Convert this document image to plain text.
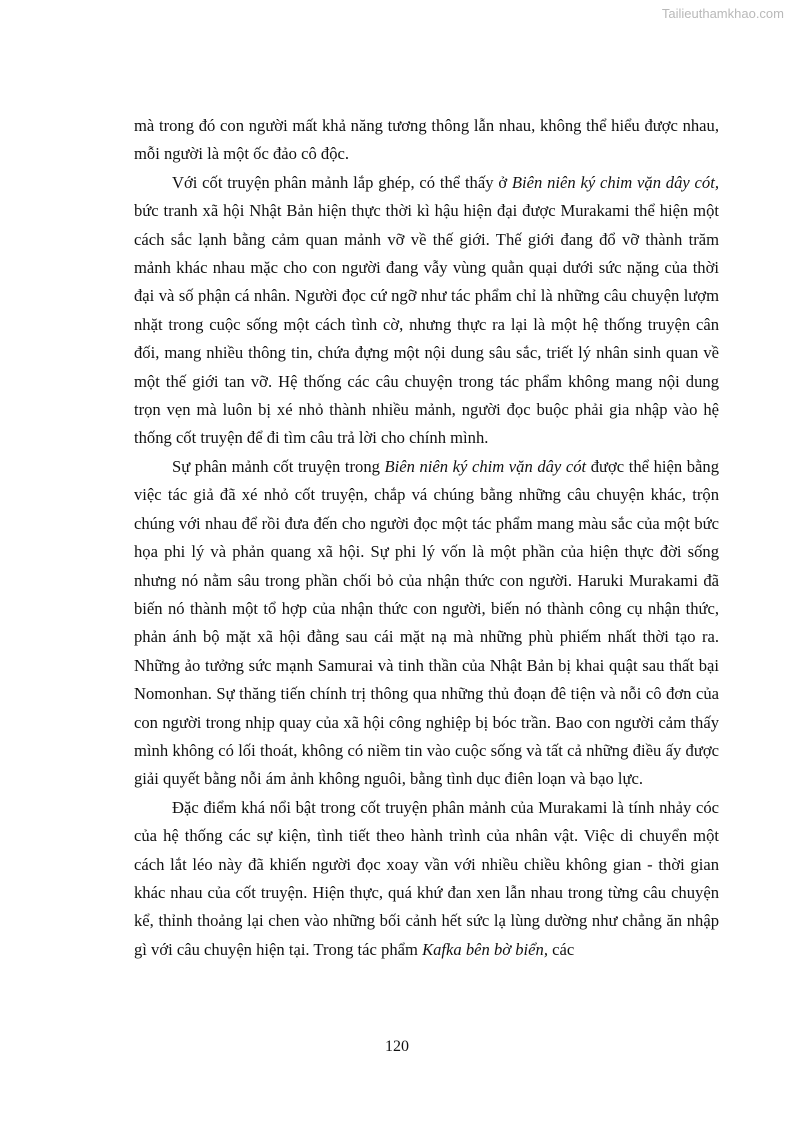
Tailieuthamkhao.com

mà trong đó con người mất khả năng tương thông lẫn nhau, không thể hiểu được nhau, mỗi người là một ốc đảo cô độc.

Với cốt truyện phân mảnh lắp ghép, có thể thấy ở Biên niên ký chim vặn dây cót, bức tranh xã hội Nhật Bản hiện thực thời kì hậu hiện đại được Murakami thể hiện một cách sắc lạnh bằng cảm quan mảnh vỡ về thế giới. Thế giới đang đổ vỡ thành trăm mảnh khác nhau mặc cho con người đang vẫy vùng quằn quại dưới sức nặng của thời đại và số phận cá nhân. Người đọc cứ ngỡ như tác phẩm chỉ là những câu chuyện lượm nhặt trong cuộc sống một cách tình cờ, nhưng thực ra lại là một hệ thống truyện cân đối, mang nhiều thông tin, chứa đựng một nội dung sâu sắc, triết lý nhân sinh quan về một thế giới tan vỡ. Hệ thống các câu chuyện trong tác phẩm không mang nội dung trọn vẹn mà luôn bị xé nhỏ thành nhiều mảnh, người đọc buộc phải gia nhập vào hệ thống cốt truyện để đi tìm câu trả lời cho chính mình.

Sự phân mảnh cốt truyện trong Biên niên ký chim vặn dây cót được thể hiện bằng việc tác giả đã xé nhỏ cốt truyện, chắp vá chúng bằng những câu chuyện khác, trộn chúng với nhau để rồi đưa đến cho người đọc một tác phẩm mang màu sắc của một bức họa phi lý và phản quang xã hội. Sự phi lý vốn là một phần của hiện thực đời sống nhưng nó nằm sâu trong phần chối bỏ của nhận thức con người. Haruki Murakami đã biến nó thành một tổ hợp của nhận thức con người, biến nó thành công cụ nhận thức, phản ánh bộ mặt xã hội đằng sau cái mặt nạ mà những phù phiếm nhất thời tạo ra. Những ảo tưởng sức mạnh Samurai và tinh thần của Nhật Bản bị khai quật sau thất bại Nomonhan. Sự thăng tiến chính trị thông qua những thủ đoạn đê tiện và nỗi cô đơn của con người trong nhịp quay của xã hội công nghiệp bị bóc trần. Bao con người cảm thấy mình không có lối thoát, không có niềm tin vào cuộc sống và tất cả những điều ấy được giải quyết bằng nỗi ám ảnh không nguôi, bằng tình dục điên loạn và bạo lực.

Đặc điểm khá nổi bật trong cốt truyện phân mảnh của Murakami là tính nhảy cóc của hệ thống các sự kiện, tình tiết theo hành trình của nhân vật. Việc di chuyển một cách lắt léo này đã khiến người đọc xoay vần với nhiều chiều không gian - thời gian khác nhau của cốt truyện. Hiện thực, quá khứ đan xen lẫn nhau trong từng câu chuyện kể, thỉnh thoảng lại chen vào những bối cảnh hết sức lạ lùng dường như chẳng ăn nhập gì với câu chuyện hiện tại. Trong tác phẩm Kafka bên bờ biển, các

120
